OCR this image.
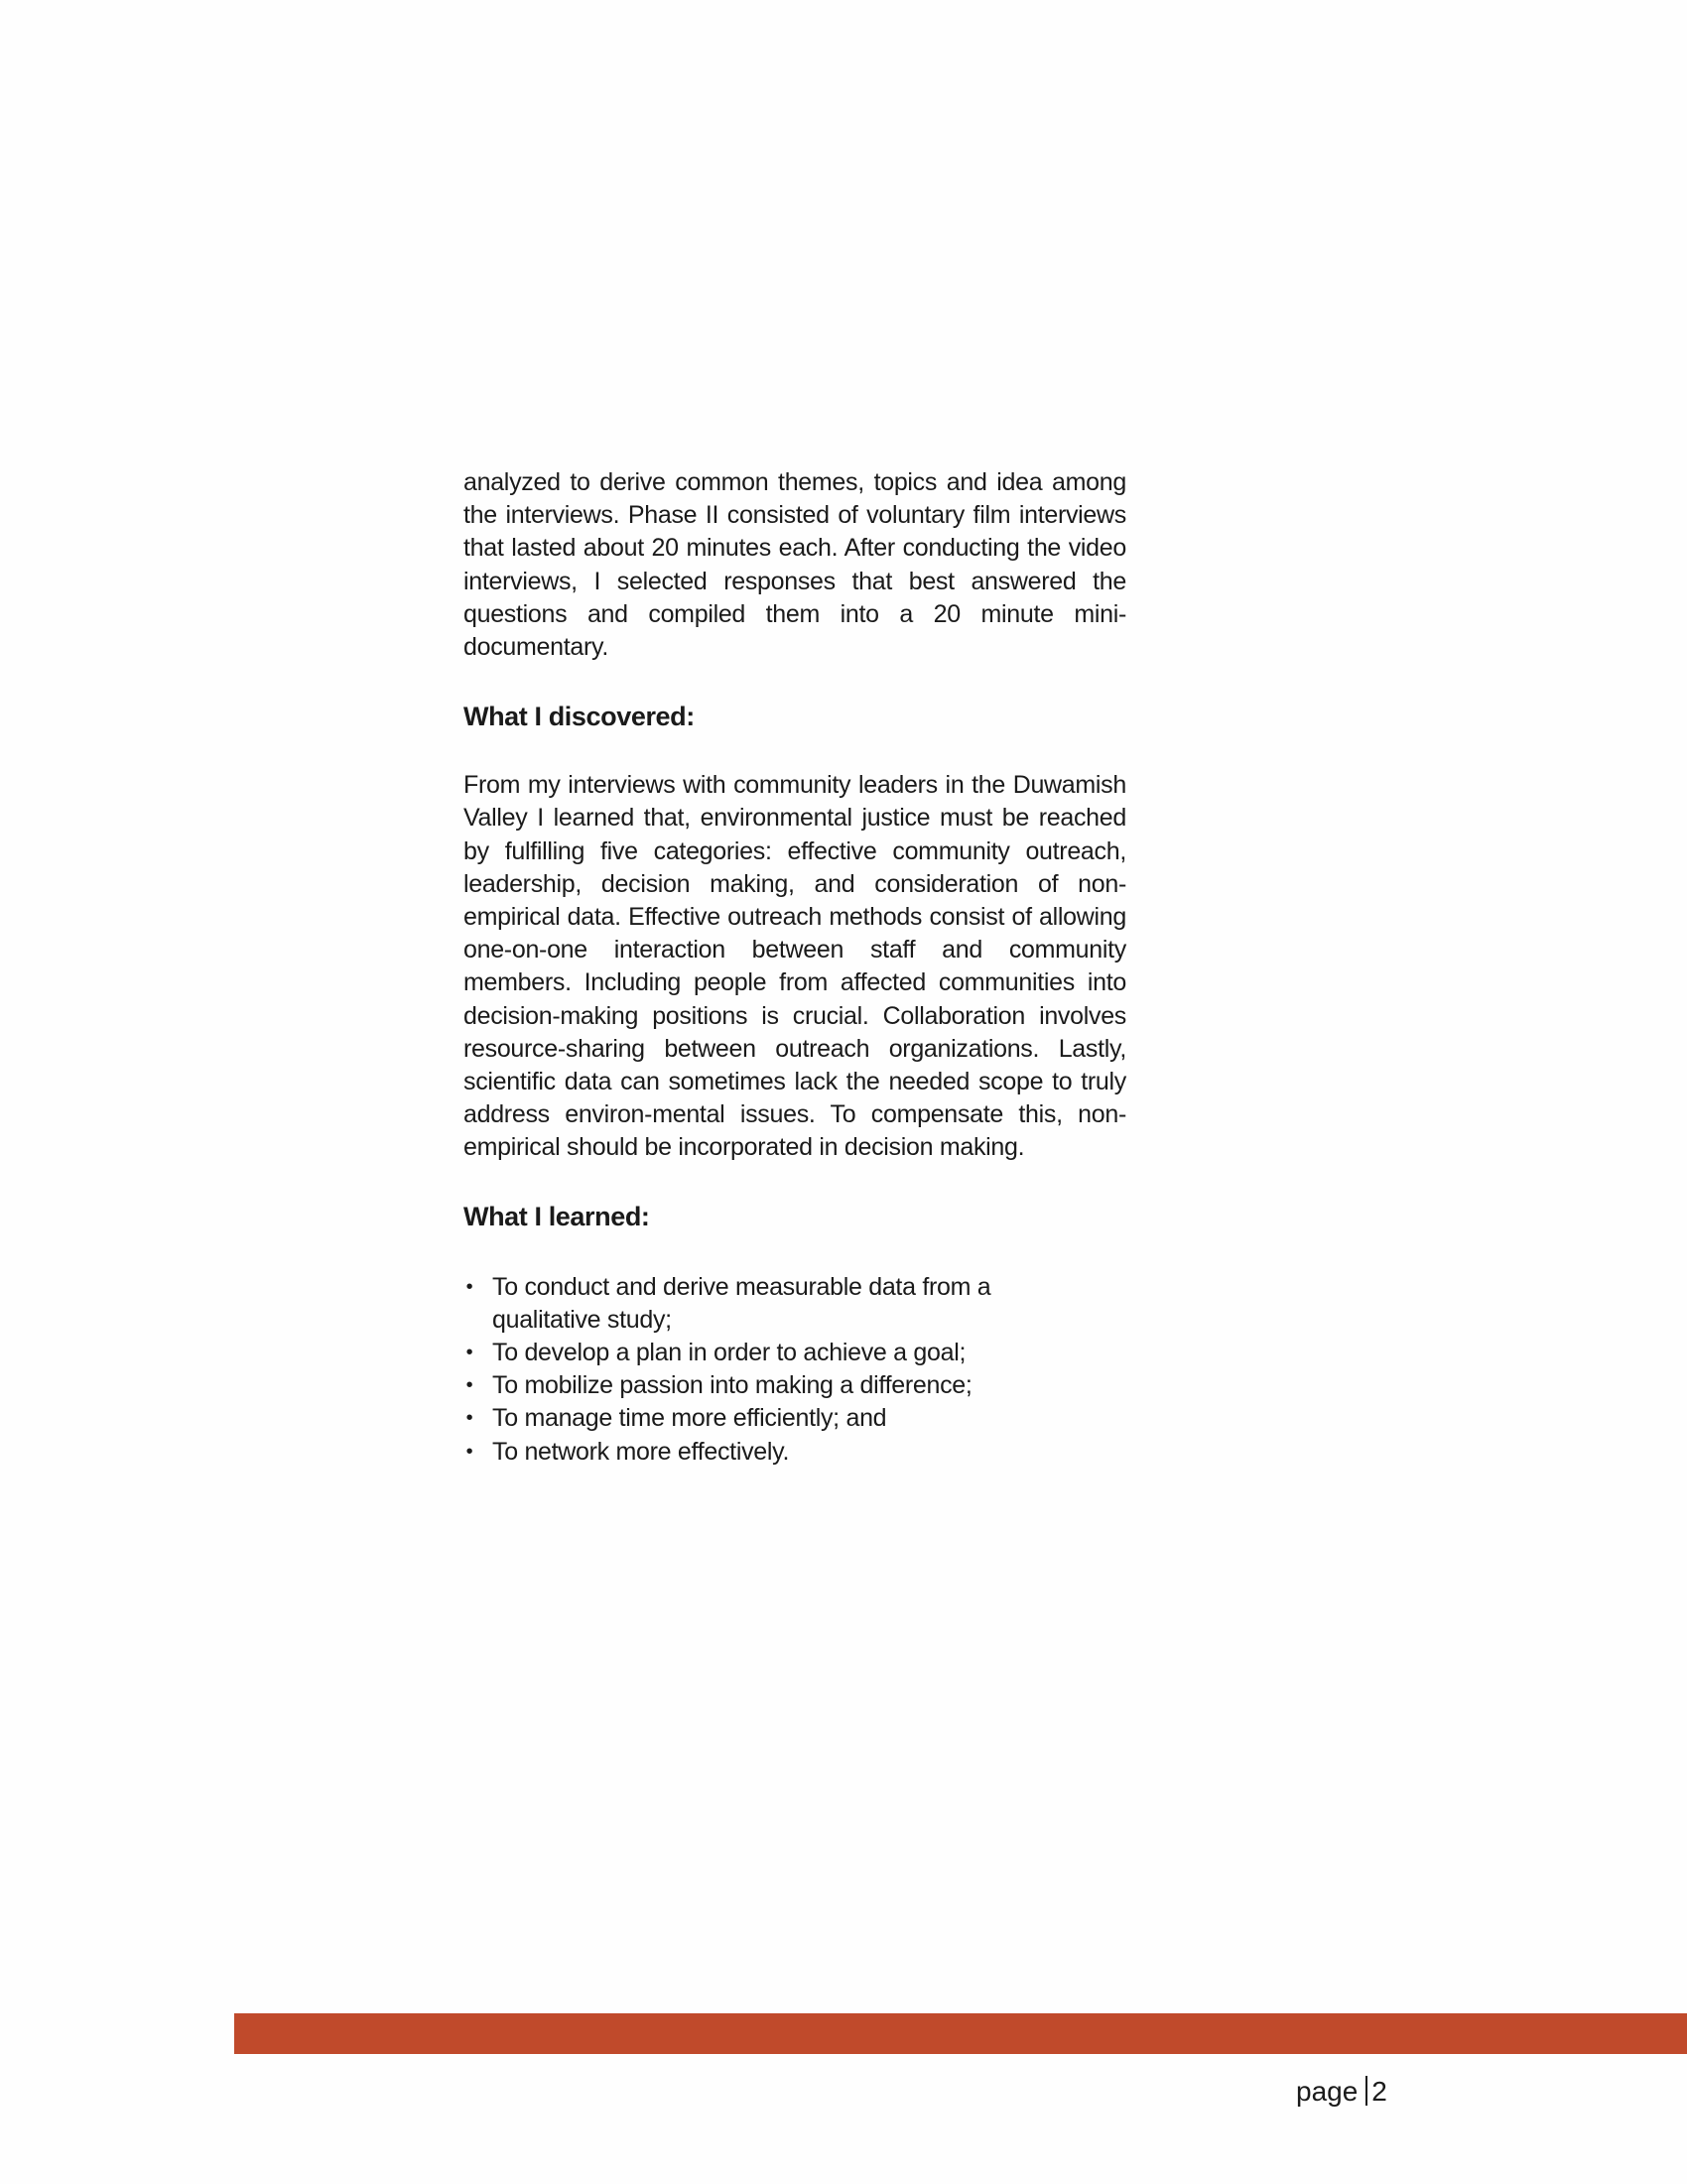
analyzed to derive common themes, topics and idea among the interviews. Phase II consisted of voluntary film interviews that lasted about 20 minutes each. After conducting the video interviews, I selected responses that best answered the questions and compiled them into a 20 minute mini-documentary.

What I discovered:

From my interviews with community leaders in the Duwamish Valley I learned that, environmental justice must be reached by fulfilling five categories: effective community outreach, leadership, decision making, and consideration of non-empirical data. Effective outreach methods consist of allowing one-on-one interaction between staff and community members. Including people from affected communities into decision-making positions is crucial. Collaboration involves resource-sharing between outreach organizations. Lastly, scientific data can sometimes lack the needed scope to truly address environ-mental issues. To compensate this, non-empirical should be incorporated in decision making.

What I learned:
• To conduct and derive measurable data from a qualitative study;
• To develop a plan in order to achieve a goal;
• To mobilize passion into making a difference;
• To manage time more efficiently; and
• To network more effectively.
page 2
